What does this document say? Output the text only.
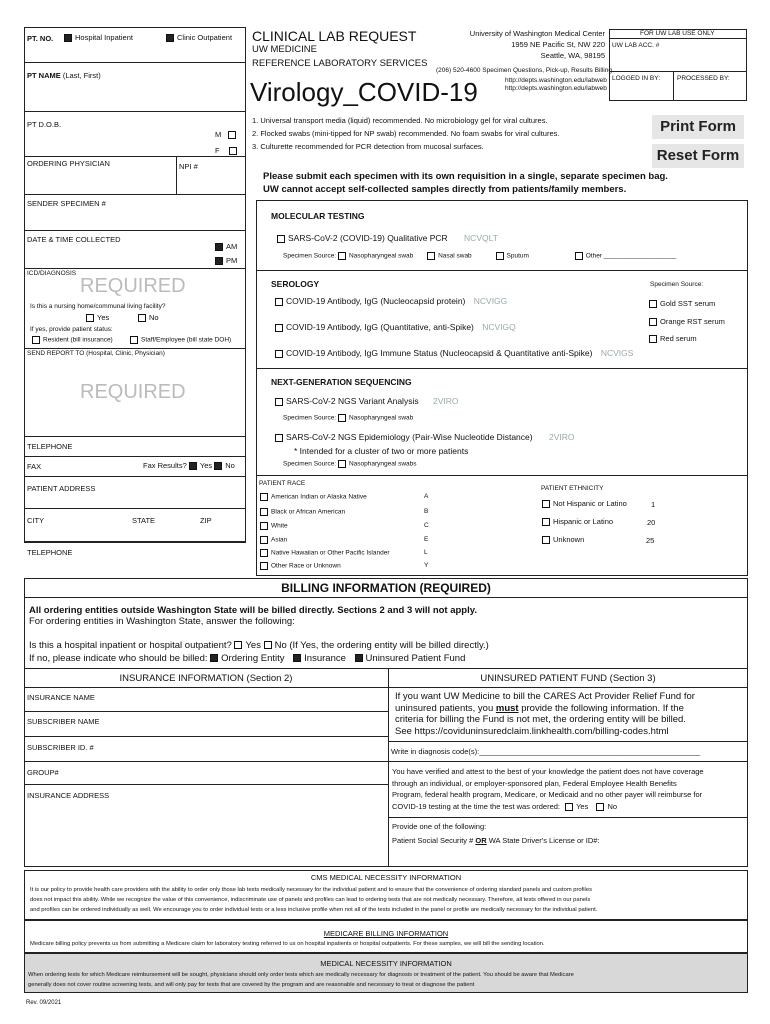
PT. NO.	Hospital Inpatient	Clinic Outpatient
PT NAME (Last, First)
PT D.O.B.
M
F
ORDERING PHYSICIAN	NPI #
SENDER SPECIMEN #
DATE & TIME COLLECTED
AM
PM
ICD/DIAGNOSIS
REQUIRED
Is this a nursing home/communal living facility?
Yes	No
If yes, provide patient status:
Resident (bill insurance)	Staff/Employee (bill state DOH)
SEND REPORT TO (Hospital, Clinic, Physician)
REQUIRED
TELEPHONE
FAX	Fax Results? Yes No
PATIENT ADDRESS
CITY	STATE	ZIP
TELEPHONE
CLINICAL LAB REQUEST
UW MEDICINE
REFERENCE LABORATORY SERVICES
Virology_COVID-19
University of Washington Medical Center
1959 NE Pacific St, NW 220
Seattle, WA, 98195
(206) 520-4600 Specimen Questions, Pick-up, Results Billing
http://depts.washington.edu/labweb
http://depts.washington.edu/labweb
FOR UW LAB USE ONLY
UW LAB ACC. #
LOGGED IN BY:	PROCESSED BY:
1. Universal transport media (liquid) recommended. No microbiology gel for viral cultures.
2. Flocked swabs (mini-tipped for NP swab) recommended. No foam swabs for viral cultures.
3. Culturette recommended for PCR detection from mucosal surfaces.
Print Form
Reset Form
Please submit each specimen with its own requisition in a single, separate specimen bag.
UW cannot accept self-collected samples directly from patients/family members.
MOLECULAR TESTING
SARS-CoV-2 (COVID-19) Qualitative PCR NCVQLT
Specimen Source: Nasopharyngeal swab	Nasal swab	Sputum	Other ____________________
SEROLOGY	Specimen Source:
COVID-19 Antibody, IgG (Nucleocapsid protein) NCVIGG	Gold SST serum
Orange RST serum
COVID-19 Antibody, IgG (Quantitative, anti-Spike) NCVIGQ
Red serum
COVID-19 Antibody, IgG Immune Status (Nucleocapsid & Quantitative anti-Spike) NCVIGS
NEXT-GENERATION SEQUENCING
SARS-CoV-2 NGS Variant Analysis 2VIRO
Specimen Source: Nasopharyngeal swab
SARS-CoV-2 NGS Epidemiology (Pair-Wise Nucleotide Distance) 2VIRO
* Intended for a cluster of two or more patients
Specimen Source: Nasopharyngeal swabs
PATIENT RACE
American Indian or Alaska Native	A
Black or African American	B
White	C
Asian	E
Native Hawaiian or Other Pacific Islander	L
Other Race or Unknown	Y
PATIENT ETHNICITY
Not Hispanic or Latino	1
Hispanic or Latino	20
Unknown	25
BILLING INFORMATION (REQUIRED)
All ordering entities outside Washington State will be billed directly. Sections 2 and 3 will not apply.
For ordering entities in Washington State, answer the following:
Is this a hospital inpatient or hospital outpatient? Yes No (If Yes, the ordering entity will be billed directly.)
If no, please indicate who should be billed: Ordering Entity Insurance Uninsured Patient Fund
INSURANCE INFORMATION (Section 2)	UNINSURED PATIENT FUND (Section 3)
INSURANCE NAME
SUBSCRIBER NAME
SUBSCRIBER ID. #
GROUP#
INSURANCE ADDRESS
If you want UW Medicine to bill the CARES Act Provider Relief Fund for
uninsured patients, you must provide the following information. If the
criteria for billing the Fund is not met, the ordering entity will be billed.
See https://coviduninsuredclaim.linkhealth.com/billing-codes.html
Write in diagnosis code(s):_____________________________________________________
You have verified and attest to the best of your knowledge the patient does not have coverage
through an individual, or employer-sponsored plan, Federal Employee Health Benefits
Program, federal health program, Medicare, or Medicaid and no other payer will reimburse for
COVID-19 testing at the time the test was ordered: Yes	No
Provide one of the following:
Patient Social Security # OR WA State Driver's License or ID#:
CMS MEDICAL NECESSITY INFORMATION
It is our policy to provide health care providers with the ability to order only those lab tests medically necessary for the individual patient and to ensure that the convenience of ordering standard panels and custom profiles
does not impact this ability. While we recognize the value of this convenience, indiscriminate use of panels and profiles can lead to ordering tests that are not medically necessary. Therefore, all tests offered in our panels
and profiles can be ordered individually as well. We encourage you to order individual tests or a less inclusive profile when not all of the tests included in the panel or profile are medically necessary for the individual patient.
MEDICARE BILLING INFORMATION
Medicare billing policy prevents us from submitting a Medicare claim for laboratory testing referred to us on hospital inpatients or hospital outpatients. For these samples, we will bill the sending location.
MEDICAL NECESSITY INFORMATION
When ordering tests for which Medicare reimbursement will be sought, physicians should only order tests which are medically necessary for diagnosis or treatment of the patient. You should be aware that Medicare
generally does not cover routine screening tests, and will only pay for tests that are covered by the program and are reasonable and necessary to treat or diagnose the patient
Rev. 09/2021
